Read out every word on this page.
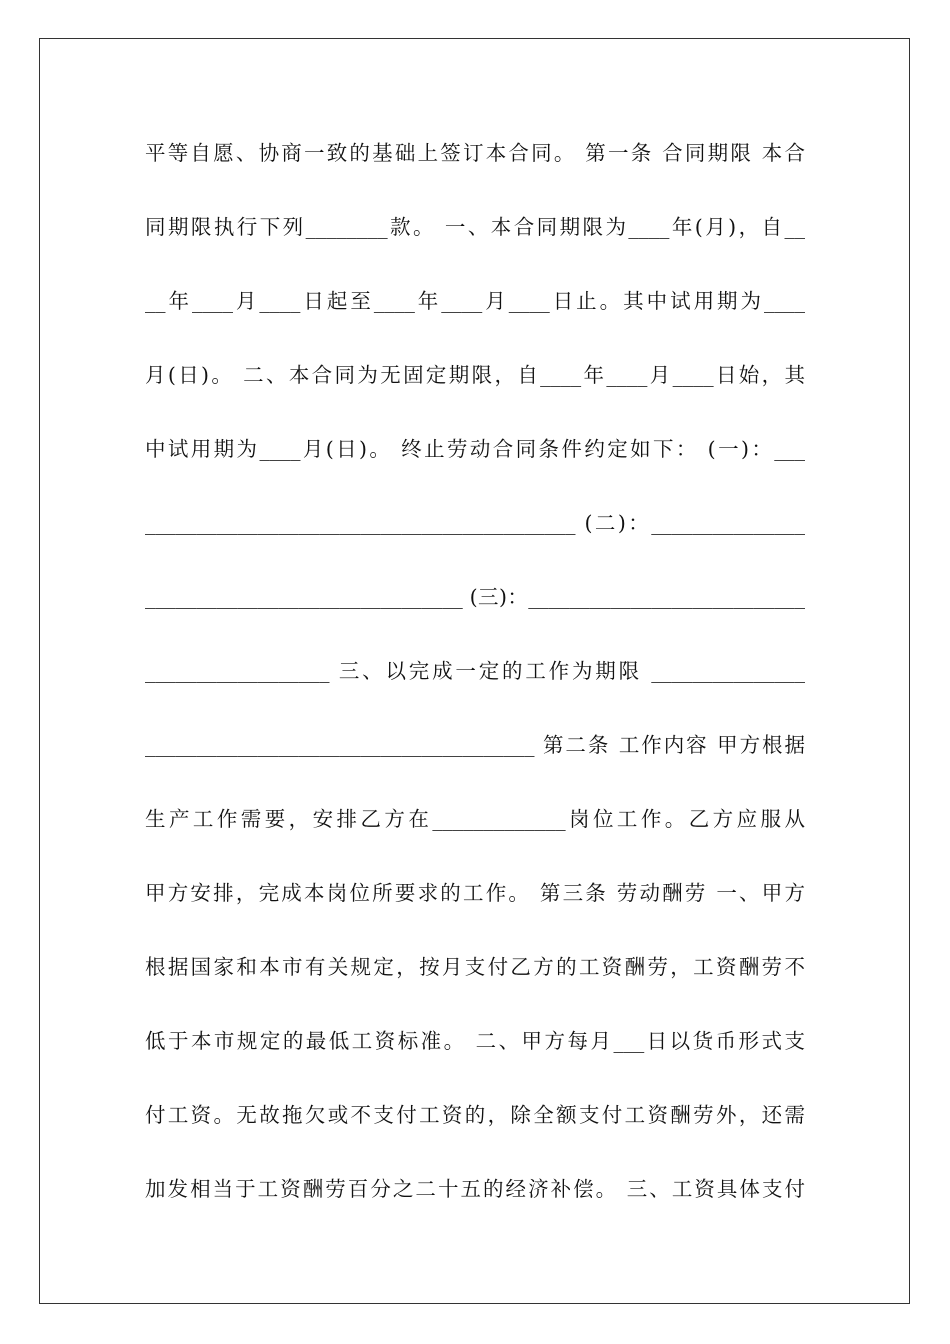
平等自愿、协商一致的基础上签订本合同。 第一条 合同期限 本合
同期限执行下列________款。 一、本合同期限为____年(月)，自__
__年____月____日起至____年____月____日止。其中试用期为____
月(日)。 二、本合同为无固定期限，自____年____月____日始，其
中试用期为____月(日)。 终止劳动合同条件约定如下： (一)：___
__________________________________________ (二)：_______________
_______________________________ (三)：___________________________
__________________ 三、以完成一定的工作为期限 _______________
______________________________________ 第二条 工作内容 甲方根据
生产工作需要，安排乙方在_____________岗位工作。乙方应服从
甲方安排，完成本岗位所要求的工作。 第三条 劳动酬劳 一、甲方
根据国家和本市有关规定，按月支付乙方的工资酬劳，工资酬劳不
低于本市规定的最低工资标准。 二、甲方每月___日以货币形式支
付工资。无故拖欠或不支付工资的，除全额支付工资酬劳外，还需
加发相当于工资酬劳百分之二十五的经济补偿。 三、工资具体支付
